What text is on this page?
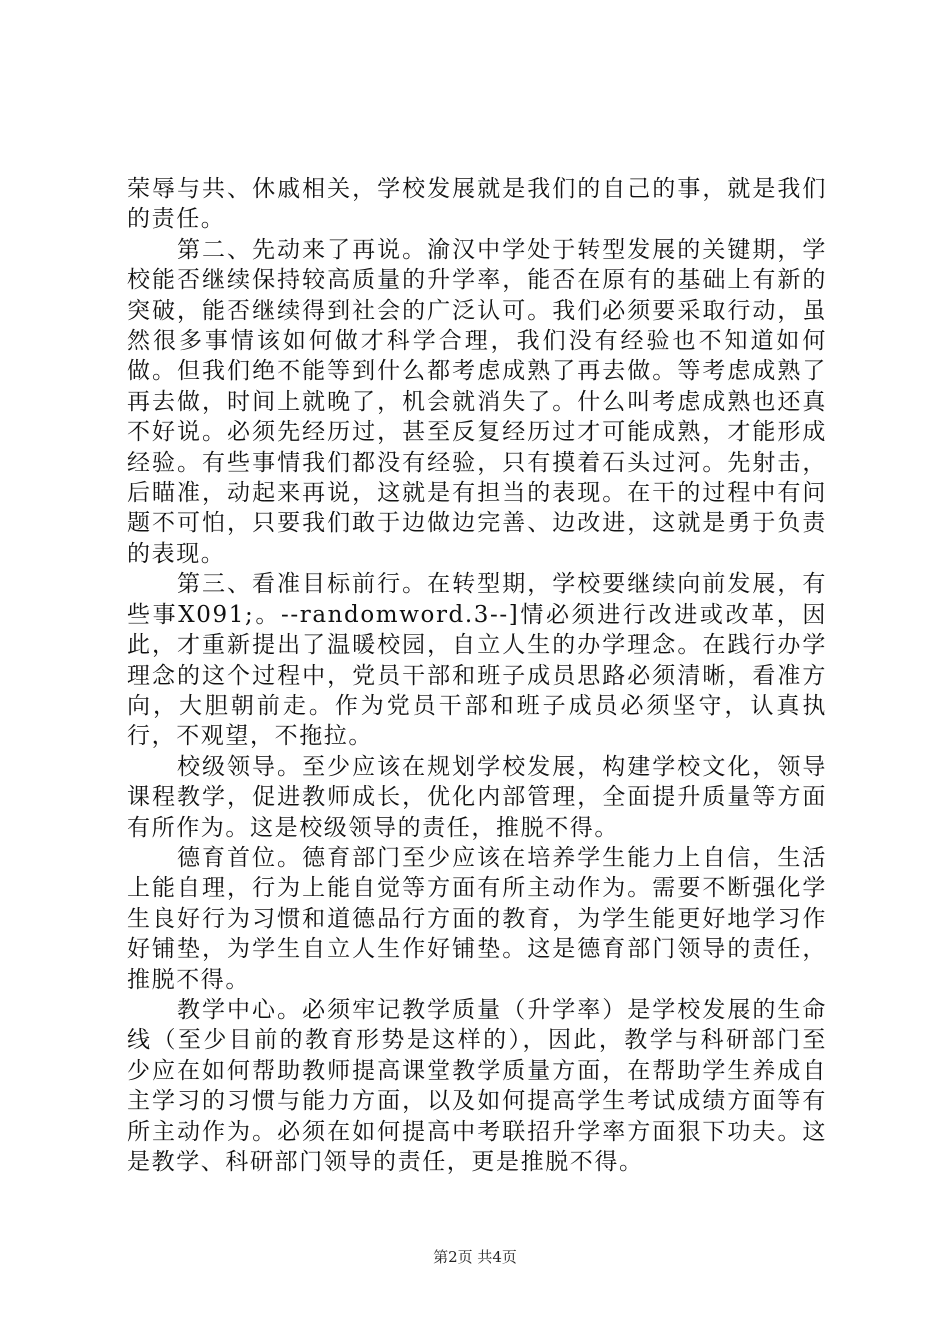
荣辱与共、休戚相关，学校发展就是我们的自己的事，就是我们的责任。

第二、先动来了再说。渝汉中学处于转型发展的关键期，学校能否继续保持较高质量的升学率，能否在原有的基础上有新的突破，能否继续得到社会的广泛认可。我们必须要采取行动，虽然很多事情该如何做才科学合理，我们没有经验也不知道如何做。但我们绝不能等到什么都考虑成熟了再去做。等考虑成熟了再去做，时间上就晚了，机会就消失了。什么叫考虑成熟也还真不好说。必须先经历过，甚至反复经历过才可能成熟，才能形成经验。有些事情我们都没有经验，只有摸着石头过河。先射击，后瞄准，动起来再说，这就是有担当的表现。在干的过程中有问题不可怕，只要我们敢于边做边完善、边改进，这就是勇于负责的表现。

第三、看准目标前行。在转型期，学校要继续向前发展，有些事X091;。--randomword.3--]情必须进行改进或改革，因此，才重新提出了温暖校园，自立人生的办学理念。在践行办学理念的这个过程中，党员干部和班子成员思路必须清晰，看准方向，大胆朝前走。作为党员干部和班子成员必须坚守，认真执行，不观望，不拖拉。

校级领导。至少应该在规划学校发展，构建学校文化，领导课程教学，促进教师成长，优化内部管理，全面提升质量等方面有所作为。这是校级领导的责任，推脱不得。

德育首位。德育部门至少应该在培养学生能力上自信，生活上能自理，行为上能自觉等方面有所主动作为。需要不断强化学生良好行为习惯和道德品行方面的教育，为学生能更好地学习作好铺垫，为学生自立人生作好铺垫。这是德育部门领导的责任，推脱不得。

教学中心。必须牢记教学质量（升学率）是学校发展的生命线（至少目前的教育形势是这样的），因此，教学与科研部门至少应在如何帮助教师提高课堂教学质量方面，在帮助学生养成自主学习的习惯与能力方面，以及如何提高学生考试成绩方面等有所主动作为。必须在如何提高中考联招升学率方面狠下功夫。这是教学、科研部门领导的责任，更是推脱不得。

第2页 共4页
